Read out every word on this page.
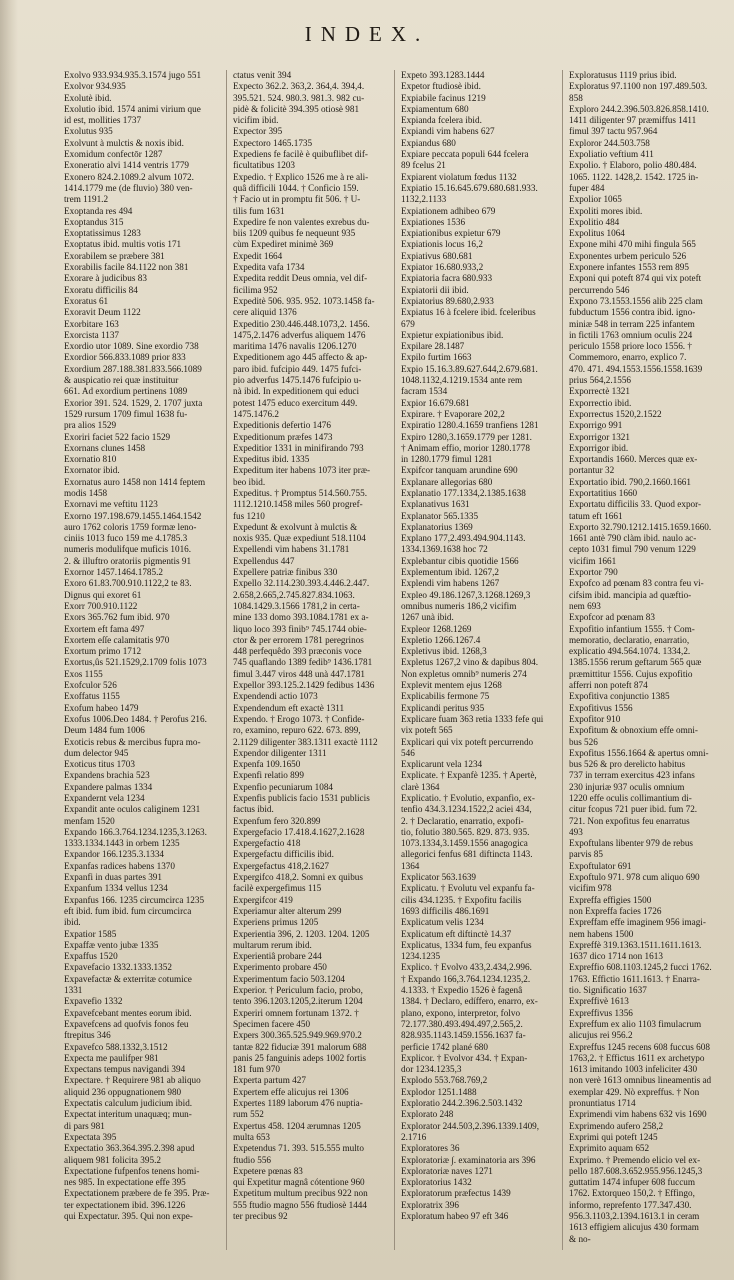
INDEX.

Exolvo 933.934.935.3.1574 jugo 551

Exolvor 934.935

Exolutè ibid.

Exolutio ibid. 1574 animi virium que

id est, mollities 1737

Exolutus 935

Exolvunt à mulctis & noxis ibid.

Exomidum confectōr 1287

Exoneratio alvi 1414 ventris 1779

Exonero 824.2.1089.2 alvum 1072.

1414.1779 me (de fluvio) 380 ven-

trem 1191.2

Exoptanda res 494

Exoptandus 315

Exoptatissimus 1283

Exoptatus ibid. multis votis 171

Exorabilem se præbere 381

Exorabilis facile 84.1122 non 381

Exorare à judicibus 83

Exoratu difficilis 84

Exoratus 61

Exoravit Deum 1122

Exorbitare 163

Exorcista 1137

Exordio utor 1089. Sine exordio 738

Exordior 566.833.1089 prior 833

Exordium 287.188.381.833.566.1089

& auspicatio rei quæ instituitur

661. Ad exordium pertinens 1089

Exorior 391. 524. 1529, 2. 1707 juxta

1529 rursum 1709 fimul 1638 fu-

pra alios 1529

Exoriri faciet 522 facio 1529

Exornans clunes 1458

Exornatio 810

Exornator ibid.

Exornatus auro 1458 non 1414 feptem

modis 1458

Exornavi me veftitu 1123

Exorno 197.198.679.1455.1464.1542

auro 1762 coloris 1759 formæ leno-

ciniis 1013 fuco 159 me 4.1785.3

numeris modulifque muficis 1016.

2. & illuftro oratoriis pigmentis 91

Exornor 1457.1464.1785.2

Exoro 61.83.700.910.1122,2 te 83.

Dignus qui exoret 61

Exorr 700.910.1122

Exors 365.762 fum ibid. 970

Exortem eft fama 497

Exortem eſſe calamitatis 970

Exortum primo 1712

Exortus,ûs 521.1529,2.1709 folis 1073

Exos 1155

Exofculor 526

Exoffatus 1155

Exofum habeo 1479

Exofus 1006.Deo 1484. † Perofus 216.

Deum 1484 fum 1006

Exoticis rebus & mercibus fupra mo-

dum delector 945

Exoticus titus 1703

Expandens brachia 523

Expandere palmas 1334

Expandernt vela 1234

Expandit ante oculos caliginem 1231

menfam 1520

Expando 166.3.764.1234.1235,3.1263.

1333.1334.1443 in orbem 1235

Expandor 166.1235.3.1334

Expanfas radices habens 1370

Expanfi in duas partes 391

Expanfum 1334 vellus 1234

Expanfus 166. 1235 circumcirca 1235

eft ibid. fum ibid. fum circumcirca

ibid.

Expatior 1585

Expaffæ vento jubæ 1335

Expaffus 1520

Expavefacio 1332.1333.1352

Expavefactæ & exterritæ cotumice

1331

Expavefio 1332

Expavefcebant mentes eorum ibid.

Expavefcens ad quofvis fonos feu

ftrepitus 346

Expavefco 588.1332,3.1512

Expecta me paulifper 981

Expectans tempus navigandi 394

Expectare. † Requirere 981 ab aliquo

aliquid 236 oppugnationem 980

Expectatis calculum judicium ibid.

Expectat interitum unaquæq; mun-

di pars 981

Expectata 395

Expectatio 363.364.395.2.398 apud

aliquem 981 folicita 395.2

Expectatione fufpenfos tenens homi-

nes 985. In expectatione effe 395

Expectationem præbere de fe 395. Præ-

ter expectationem ibid. 396.1226

qui Expectatur. 395. Qui non expe-

ctatus venit 394

Expecto 362.2. 363,2. 364,4. 394,4.

395.521. 524. 980.3. 981.3. 982 cu-

pidè & folicitè 394.395 otiosè 981

vicifim ibid.

Expector 395

Expectoro 1465.1735

Expediens fe facilè è quibuflibet dif-

ficultatibus 1203

Expedio. † Explico 1526 me à re ali-

quâ difficili 1044. † Conficio 159.

† Facio ut in promptu fit 506. † U-

tilis fum 1631

Expedire fe non valentes exrebus du-

biis 1209 quibus fe nequeunt 935

cùm Expediret minimè 369

Expedit 1664

Expedita vafa 1734

Expedita reddit Deus omnia, vel dif-

ficilima 952

Expeditè 506. 935. 952. 1073.1458 fa-

cere aliquid 1376

Expeditio 230.446.448.1073,2. 1456.

1475,2.1476 adverfus aliquem 1476

maritima 1476 navalis 1206.1270

Expeditionem ago 445 affecto & ap-

paro ibid. fufcipio 449. 1475 fufci-

pio adverfus 1475.1476 fufcipio u-

nà ibid. In expeditionem qui educi

potest 1475 educo exercitum 449.

1475.1476.2

Expeditionis defertio 1476

Expeditionum præfes 1473

Expeditior 1331 in minifirando 793

Expeditus ibid. 1335

Expeditum iter habens 1073 iter præ-

beo ibid.

Expeditus. † Promptus 514.560.755.

1112.1210.1458 miles 560 progref-

fus 1210

Expedunt & exolvunt à mulctis &

noxis 935. Quæ expediunt 518.1104

Expellendi vim habens 31.1781

Expellendus 447

Expellere patriæ finibus 330

Expello 32.114.230.393.4.446.2.447.

2.658,2.665,2.745.827.834.1063.

1084.1429.3.1566 1781,2 in certa-

mine 133 domo 393.1084.1781 ex a-

liquo loco 393 finib⁹ 745.1744 obie-

ctor & per errorem 1781 peregrinos

448 perfequêdo 393 præconis voce

745 quaflando 1389 fedib⁹ 1436.1781

fimul 3.447 viros 448 unà 447.1781

Expellor 393.125.2.1429 fedibus 1436

Expendendi actio 1073

Expendendum eft exactè 1311

Expendo. † Erogo 1073. † Confide-

ro, examino, repuro 622. 673. 899,

2.1129 diligenter 383.1311 exactè 1112

Expendor diligenter 1311

Expenfa 109.1650

Expenfi relatio 899

Expenfio pecuniarum 1084

Expenfis publicis facio 1531 publicis

factus ibid.

Expenfum fero 320.899

Expergefacio 17.418.4.1627,2.1628

Expergefactio 418

Expergefactu difficilis ibid.

Expergefactus 418,2.1627

Expergifco 418,2. Somni ex quibus

facilè expergefimus 115

Expergifcor 419

Experiamur alter alterum 299

Experiens primus 1205

Experientia 396, 2. 1203. 1204. 1205

multarum rerum ibid.

Experientiâ probare 244

Experimento probare 450

Experimentum facio 503.1204

Experior. † Periculum facio, probo,

tento 396.1203.1205,2.iterum 1204

Experiri omnem fortunam 1372. †

Specimen facere 450

Expers 300.365.525.949.969.970.2

tantæ 822 fiduciæ 391 malorum 688

panis 25 fanguinis adeps 1002 fortis

181 fum 970

Experta partum 427

Expertem effe alicujus rei 1306

Expertes 1189 laborum 476 nuptia-

rum 552

Expertus 458. 1204 ærumnas 1205

multa 653

Expetendus 71. 393. 515.555 multo

ftudio 556

Expetere pœnas 83

qui Expetitur magnâ cótentione 960

Expetitum multum precibus 922 non

555 ftudio magno 556 ftudiosè 1444

ter precibus 92

Expeto 393.1283.1444

Expetor ftudiosè ibid.

Expiabile facinus 1219

Expiamentum 680

Expianda fcelera ibid.

Expiandi vim habens 627

Expiandus 680

Expiare peccata populi 644 fcelera

89 fcelus 21

Expiarent violatum fœdus 1132

Expiatio 15.16.645.679.680.681.933.

1132,2.1133

Expiationem adhibeo 679

Expiationes 1536

Expiationibus expietur 679

Expiationis locus 16,2

Expiativus 680.681

Expiator 16.680.933,2

Expiatoria facra 680.933

Expiatorii dii ibid.

Expiatorius 89.680,2.933

Expiatus 16 à fcelere ibid. fceleribus

679

Expietur expiationibus ibid.

Expilare 28.1487

Expilo furtim 1663

Expio 15.16.3.89.627.644,2.679.681.

1048.1132,4.1219.1534 ante rem

facram 1534

Expior 16.679.681

Expirare. † Evaporare 202,2

Expiratio 1280.4.1659 tranfiens 1281

Expiro 1280,3.1659.1779 per 1281.

† Animam effio, morior 1280.1778

in 1280.1779 fimul 1281

Expifcor tanquam arundine 690

Explanare allegorias 680

Explanatio 177.1334,2.1385.1638

Explanativus 1631

Explanator 565.1335

Explanatorius 1369

Explano 177,2.493.494.904.1143.

1334.1369.1638 hoc 72

Explebantur cibis quotidie 1566

Explementum ibid. 1267,2

Explendi vim habens 1267

Expleo 49.186.1267,3.1268.1269,3

omnibus numeris 186,2 vicifim

1267 unà ibid.

Expleor 1268.1269

Expletio 1266.1267.4

Expletivus ibid. 1268,3

Expletus 1267,2 vino & dapibus 804.

Non expletus omnib⁹ numeris 274

Explevit mentem ejus 1268

Explicabilis fermone 75

Explicandi peritus 935

Explicare fuam 363 retia 1333 fefe qui

vix poteft 565

Explicari qui vix poteft percurrendo

546

Explicarunt vela 1234

Explicate. † Expanfè 1235. † Apertè,

clarè 1364

Explicatio. † Evolutio, expanfio, ex-

tenfio 434.3.1234.1522,2 aciei 434,

2. † Declaratio, enarratio, expofi-

tio, folutio 380.565. 829. 873. 935.

1073.1334,3.1459.1556 anagogica

allegorici fenfus 681 diftincta 1143.

1364

Explicator 563.1639

Explicatu. † Evolutu vel expanfu fa-

cilis 434.1235. † Expofitu facilis

1693 difficilis 486.1691

Explicatum velis 1234

Explicatum eft diftinctè 14.37

Explicatus, 1334 fum, feu expanfus

1234.1235

Explico. † Evolvo 433,2.434,2.996.

† Expando 166,3.764.1234.1235,2.

4.1333. † Expedio 1526 è fagenâ

1384. † Declaro, edíffero, enarro, ex-

plano, expono, interpretor, folvo

72.177.380.493.494.497,2.565,2.

828.935.1143.1459.1556.1637 fa-

perficie 1742 plané 680

Explicor. † Evolvor 434. † Expan-

dor 1234.1235,3

Explodo 553.768.769,2

Explodor 1251.1488

Exploratio 244.2.396.2.503.1432

Explorato 248

Explorator 244.503,2.396.1339.1409,

2.1716

Exploratores 36

Exploratoriæ ∫. examinatoria ars 396

Exploratoriæ naves 1271

Exploratorius 1432

Exploratorum præfectus 1439

Exploratrix 396

Exploratum habeo 97 eft 346

Exploratusus 1119 prius ibid.

Exploratus 97.1100 non 197.489.503.

858

Exploro 244.2.396.503.826.858.1410.

1411 diligenter 97 præmiffus 1411

fimul 397 tactu 957.964

Exploror 244.503.758

Expoliatio veftium 411

Expolio. † Elaboro, polio 480.484.

1065. 1122. 1428,2. 1542. 1725 in-

fuper 484

Expolior 1065

Expoliti mores ibid.

Expolitio 484

Expolitus 1064

Expone mihi 470 mihi fingula 565

Exponentes urbem periculo 526

Exponere infantes 1553 rem 895

Exponi qui poteft 874 qui vix poteft

percurrendo 546

Expono 73.1553.1556 alib 225 clam

fubductum 1556 contra ibid. igno-

miniæ 548 in terram 225 infantem

in fictili 1763 omnium oculis 224

periculo 1558 priore loco 1556. †

Commemoro, enarro, explico 7.

470. 471. 494.1553.1556.1558.1639

prius 564,2.1556

Exporrectè 1321

Exporrectio ibid.

Exporrectus 1520,2.1522

Exporrigo 991

Exporrigor 1321

Exporrigor ibid.

Exportandis 1660. Merces quæ ex-

portantur 32

Exportatio ibid. 790,2.1660.1661

Exportatitius 1660

Exportatu difficilis 33. Quod expor-

tatum eft 1661

Exporto 32.790.1212.1415.1659.1660.

1661 antè 790 clàm ibid. naulo ac-

cepto 1031 fimul 790 venum 1229

vicifim 1661

Exportor 790

Expofco ad pœnam 83 contra feu vi-

cifsim ibid. mancipia ad quæftio-

nem 693

Expofcor ad pœnam 83

Expofitio infantium 1555. † Com-

memoratio, declaratio, enarratio,

explicatio 494.564.1074. 1334,2.

1385.1556 rerum geftarum 565 quæ

præmittitur 1556. Cujus expofitio

afferri non poteft 874

Expofitiva conjunctio 1385

Expofitivus 1556

Expofitor 910

Expofitum & obnoxium effe omni-

bus 526

Expofitus 1556.1664 & apertus omni-

bus 526 & pro derelicto habitus

737 in terram exercitus 423 infans

230 injuriæ 937 oculis omnium

1220 effe oculis collimantium di-

citur fcopus 721 puer ibid. fum 72.

721. Non expofitus feu enarratus

493

Expoftulans libenter 979 de rebus

parvis 85

Expoftulator 691

Expoftulo 971. 978 cum aliquo 690

vicifim 978

Expreffa effigies 1500

non Expreffa facies 1726

Expreffam effe imaginem 956 imagi-

nem habens 1500

Expreffè 319.1363.1511.1611.1613.

1637 dico 1714 non 1613

Expreffio 608.1103.1245,2 fucci 1762.

1763. Effictio 1611.1613. † Enarra-

tio. Significatio 1637

Expreffivè 1613

Expreffivus 1356

Expreffum ex alio 1103 fimulacrum

alicujus rei 956.2

Expreffus 1245 recens 608 fuccus 608

1763,2. † Effictus 1611 ex archetypo

1613 imitando 1003 infeliciter 430

non verè 1613 omnibus lineamentis ad

exemplar 429. Nò expreffus. † Non

pronuntiatus 1714

Exprimendi vim habens 632 vis 1690

Exprimendo aufero 258,2

Exprimi qui poteft 1245

Exprimito aquam 652

Exprimo. † Premendo elicio vel ex-

pello 187.608.3.652.955.956.1245,3

guttatim 1474 infuper 608 fuccum

1762. Extorqueo 150,2. † Effingo,

informo, reprefento 177.347.430.

956.3.1103,2.1394.1613.1 in ceram

1613 effigiem alicujus 430 formam

& no-
